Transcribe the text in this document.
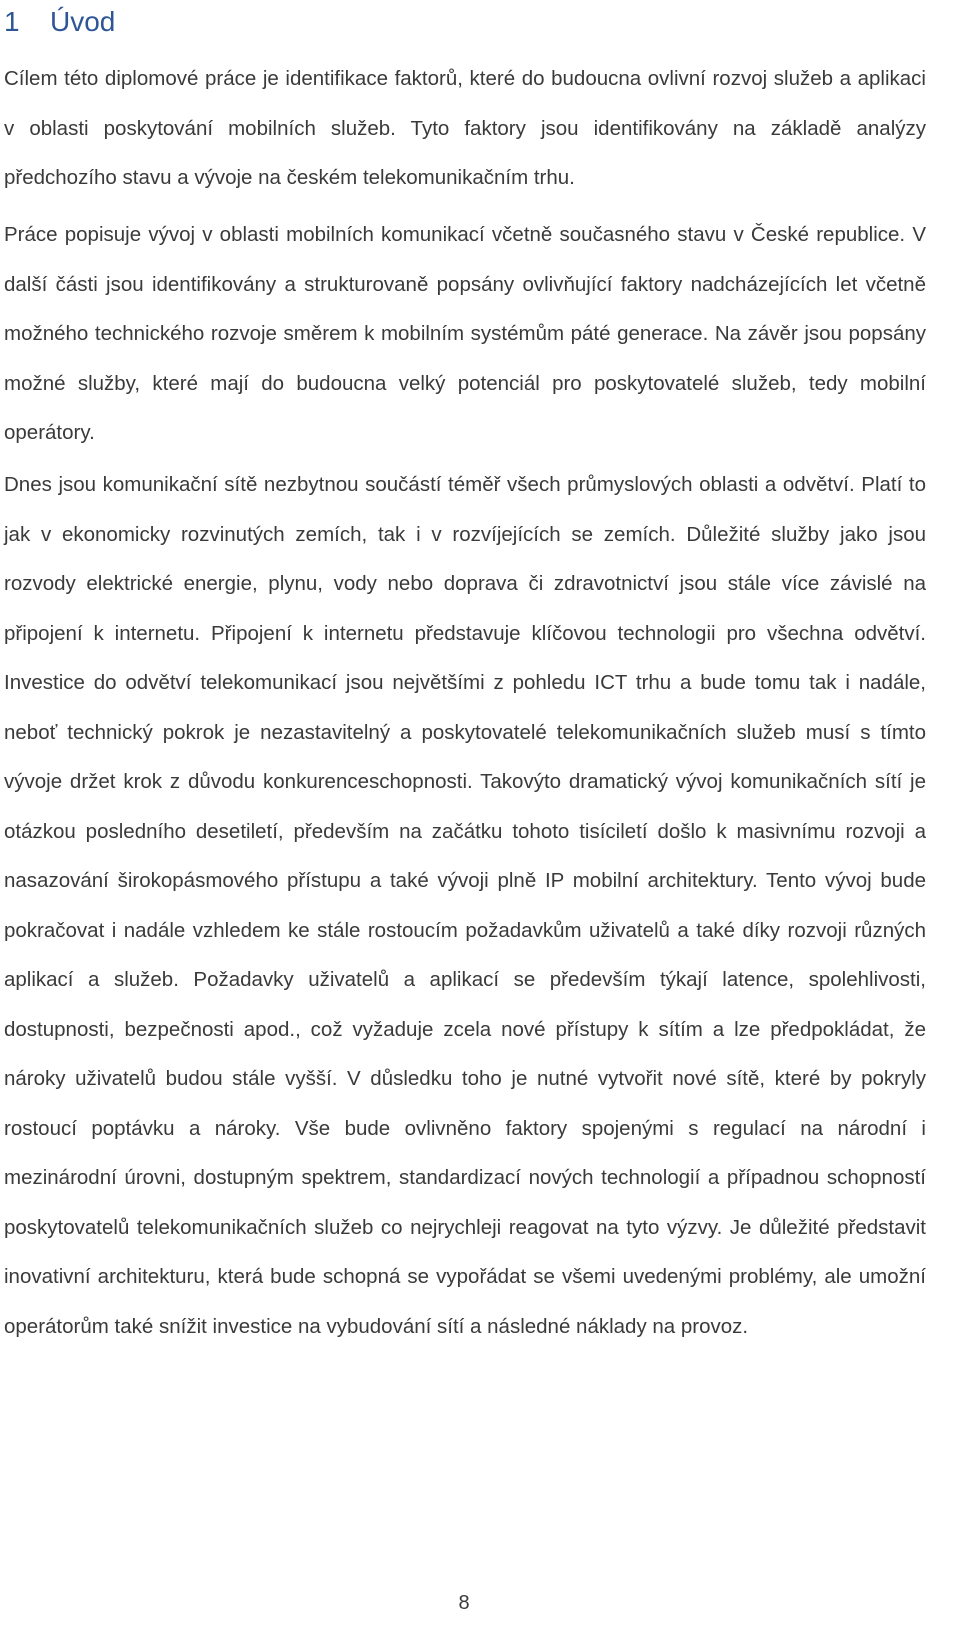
1 Úvod

Cílem této diplomové práce je identifikace faktorů, které do budoucna ovlivní rozvoj služeb a aplikaci v oblasti poskytování mobilních služeb. Tyto faktory jsou identifikovány na základě analýzy předchozího stavu a vývoje na českém telekomunikačním trhu.

Práce popisuje vývoj v oblasti mobilních komunikací včetně současného stavu v České republice. V další části jsou identifikovány a strukturovaně popsány ovlivňující faktory nadcházejících let včetně možného technického rozvoje směrem k mobilním systémům páté generace. Na závěr jsou popsány možné služby, které mají do budoucna velký potenciál pro poskytovatelé služeb, tedy mobilní operátory.

Dnes jsou komunikační sítě nezbytnou součástí téměř všech průmyslových oblasti a odvětví. Platí to jak v ekonomicky rozvinutých zemích, tak i v rozvíjejících se zemích. Důležité služby jako jsou rozvody elektrické energie, plynu, vody nebo doprava či zdravotnictví jsou stále více závislé na připojení k internetu. Připojení k internetu představuje klíčovou technologii pro všechna odvětví. Investice do odvětví telekomunikací jsou největšími z pohledu ICT trhu a bude tomu tak i nadále, neboť technický pokrok je nezastavitelný a poskytovatelé telekomunikačních služeb musí s tímto vývoje držet krok z důvodu konkurenceschopnosti. Takovýto dramatický vývoj komunikačních sítí je otázkou posledního desetiletí, především na začátku tohoto tisíciletí došlo k masivnímu rozvoji a nasazování širokopásmového přístupu a také vývoji plně IP mobilní architektury. Tento vývoj bude pokračovat i nadále vzhledem ke stále rostoucím požadavkům uživatelů a také díky rozvoji různých aplikací a služeb. Požadavky uživatelů a aplikací se především týkají latence, spolehlivosti, dostupnosti, bezpečnosti apod., což vyžaduje zcela nové přístupy k sítím a lze předpokládat, že nároky uživatelů budou stále vyšší. V důsledku toho je nutné vytvořit nové sítě, které by pokryly rostoucí poptávku a nároky. Vše bude ovlivněno faktory spojenými s regulací na národní i mezinárodní úrovni, dostupným spektrem, standardizací nových technologií a případnou schopností poskytovatelů telekomunikačních služeb co nejrychleji reagovat na tyto výzvy. Je důležité představit inovativní architekturu, která bude schopná se vypořádat se všemi uvedenými problémy, ale umožní operátorům také snížit investice na vybudování sítí a následné náklady na provoz.

8
